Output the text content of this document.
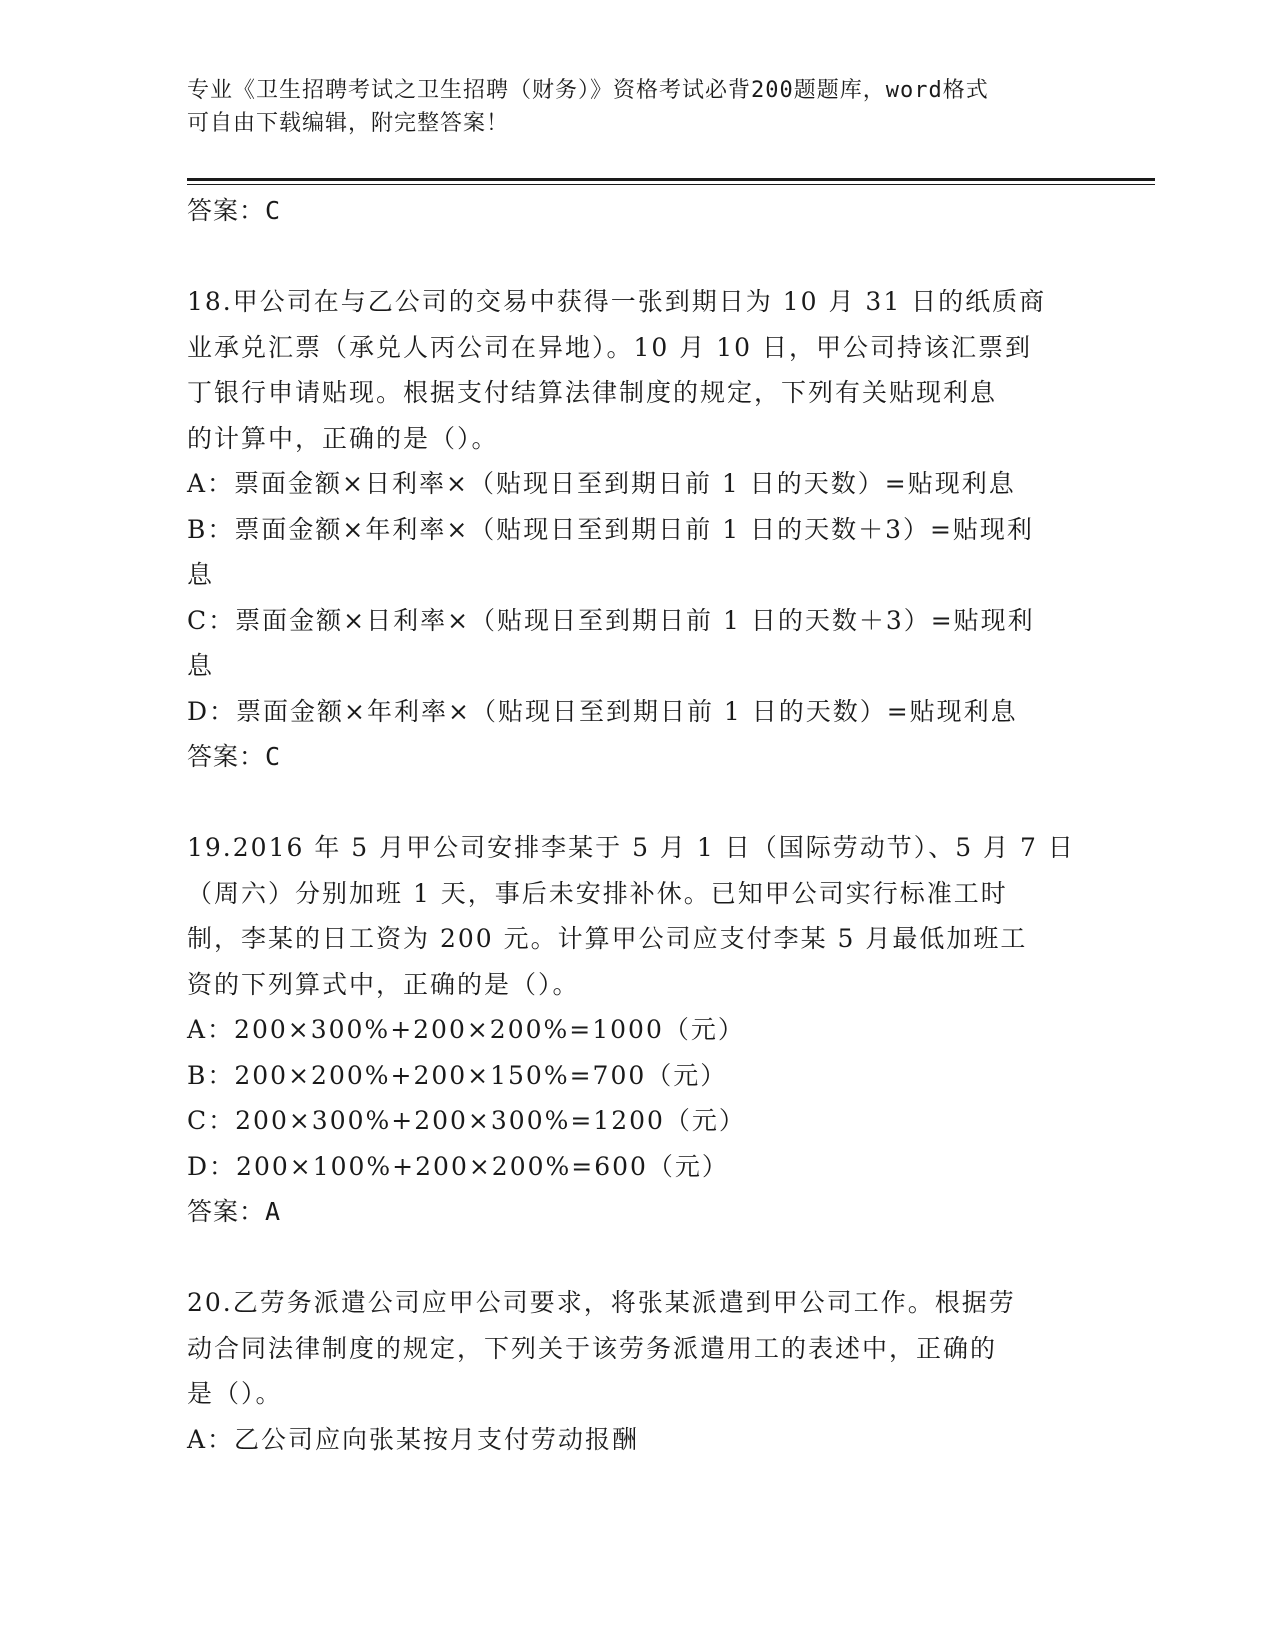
专业《卫生招聘考试之卫生招聘（财务）》资格考试必背200题题库，word格式

可自由下载编辑，附完整答案！

答案：C

18.甲公司在与乙公司的交易中获得一张到期日为 10 月 31 日的纸质商

业承兑汇票（承兑人丙公司在异地）。10 月 10 日，甲公司持该汇票到

丁银行申请贴现。根据支付结算法律制度的规定，下列有关贴现利息

的计算中，正确的是（）。

A：票面金额×日利率×（贴现日至到期日前 1 日的天数）=贴现利息

B：票面金额×年利率×（贴现日至到期日前 1 日的天数＋3）=贴现利

息

C：票面金额×日利率×（贴现日至到期日前 1 日的天数＋3）=贴现利

息

D：票面金额×年利率×（贴现日至到期日前 1 日的天数）=贴现利息

答案：C

19.2016 年 5 月甲公司安排李某于 5 月 1 日（国际劳动节）、5 月 7 日

（周六）分别加班 1 天，事后未安排补休。已知甲公司实行标准工时

制，李某的日工资为 200 元。计算甲公司应支付李某 5 月最低加班工

资的下列算式中，正确的是（）。

A：200×300%+200×200%=1000（元）

B：200×200%+200×150%=700（元）

C：200×300%+200×300%=1200（元）

D：200×100%+200×200%=600（元）

答案：A

20.乙劳务派遣公司应甲公司要求，将张某派遣到甲公司工作。根据劳

动合同法律制度的规定，下列关于该劳务派遣用工的表述中，正确的

是（）。

A：乙公司应向张某按月支付劳动报酬
